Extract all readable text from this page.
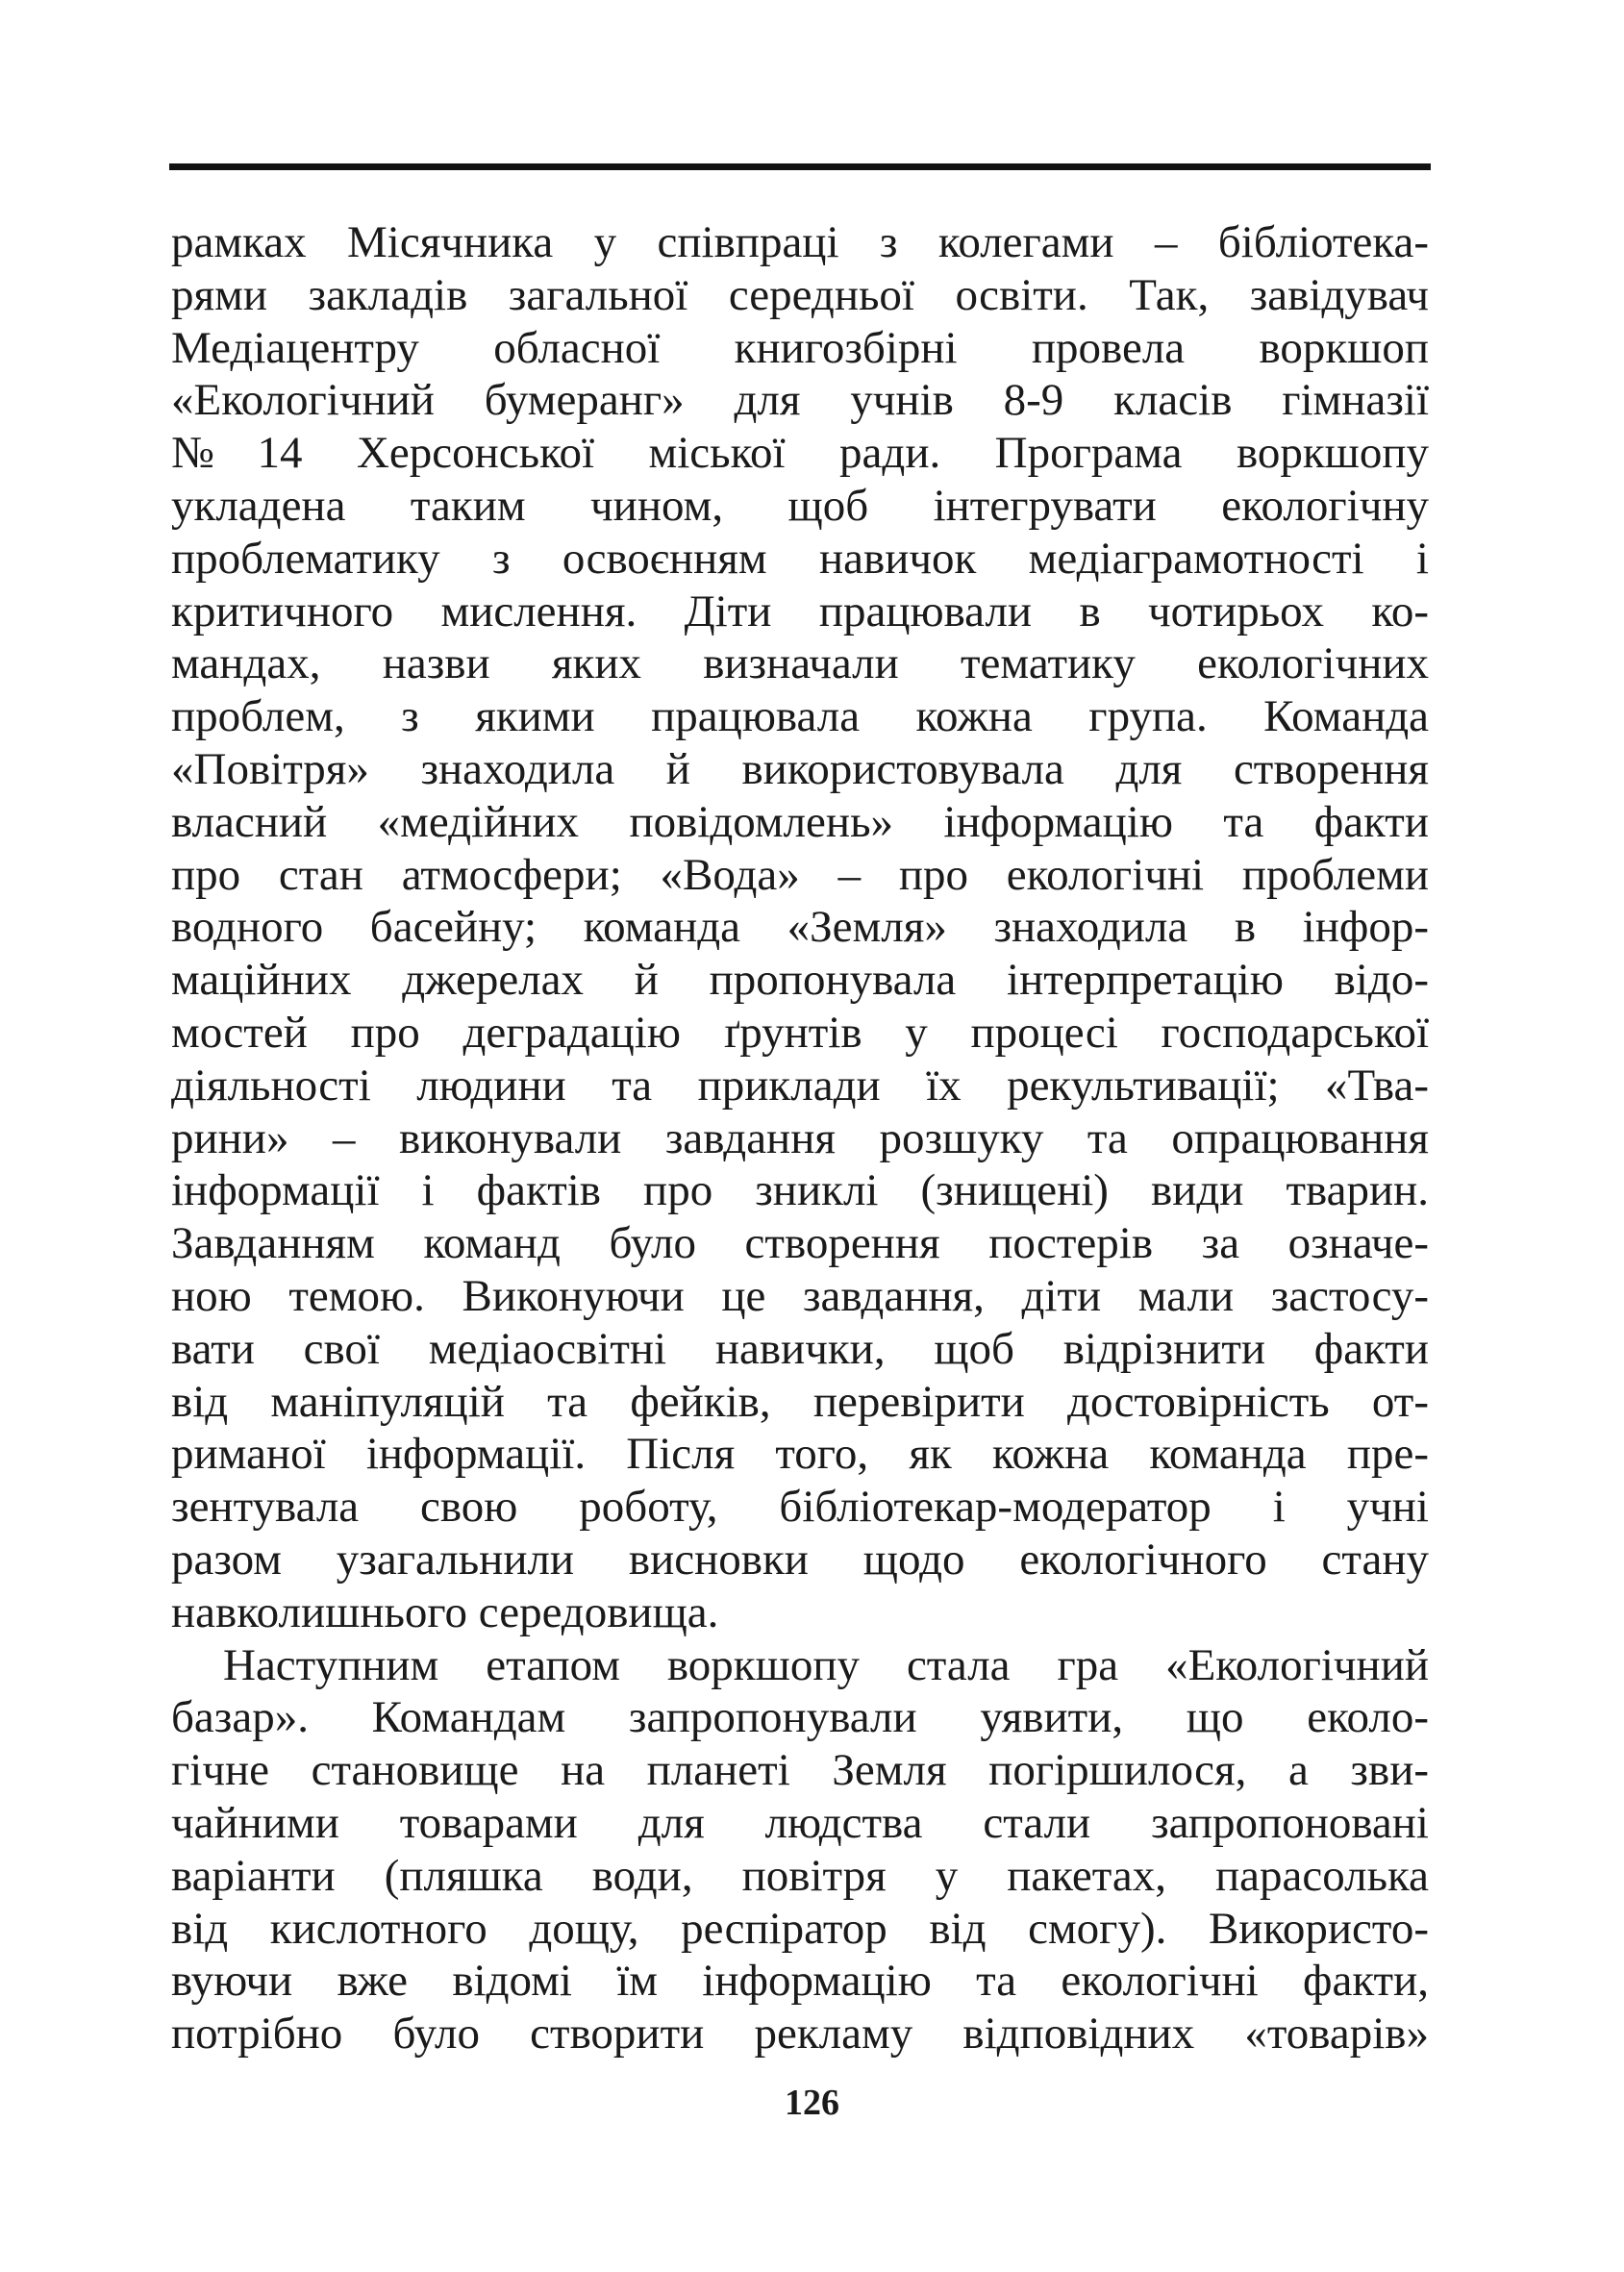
рамках Місячника у співпраці з колегами – бібліотека-
рями закладів загальної середньої освіти. Так, завідувач
Медіацентру обласної книгозбірні провела воркшоп
«Екологічний бумеранг» для учнів 8-9 класів гімназії
№14 Херсонської міської ради. Програма воркшопу
укладена таким чином, щоб інтегрувати екологічну
проблематику з освоєнням навичок медіаграмотності і
критичного мислення. Діти працювали в чотирьох ко-
мандах, назви яких визначали тематику екологічних
проблем, з якими працювала кожна група. Команда
«Повітря» знаходила й використовувала для створення
власний «медійних повідомлень» інформацію та факти
про стан атмосфери; «Вода» – про екологічні проблеми
водного басейну; команда «Земля» знаходила в інфор-
маційних джерелах й пропонувала інтерпретацію відо-
мостей про деградацію ґрунтів у процесі господарської
діяльності людини та приклади їх рекультивації; «Тва-
рини» – виконували завдання розшуку та опрацювання
інформації і фактів про зниклі (знищені) види тварин.
Завданням команд було створення постерів за означе-
ною темою. Виконуючи це завдання, діти мали застосу-
вати свої медіаосвітні навички, щоб відрізнити факти
від маніпуляцій та фейків, перевірити достовірність от-
риманої інформації. Після того, як кожна команда пре-
зентувала свою роботу, бібліотекар-модератор і учні
разом узагальнили висновки щодо екологічного стану
навколишнього середовища.
Наступним етапом воркшопу стала гра «Екологічний
базар». Командам запропонували уявити, що еколо-
гічне становище на планеті Земля погіршилося, а зви-
чайними товарами для людства стали запропоновані
варіанти (пляшка води, повітря у пакетах, парасолька
від кислотного дощу, респіратор від смогу). Використо-
вуючи вже відомі їм інформацію та екологічні факти,
потрібно було створити рекламу відповідних «товарів»
126
